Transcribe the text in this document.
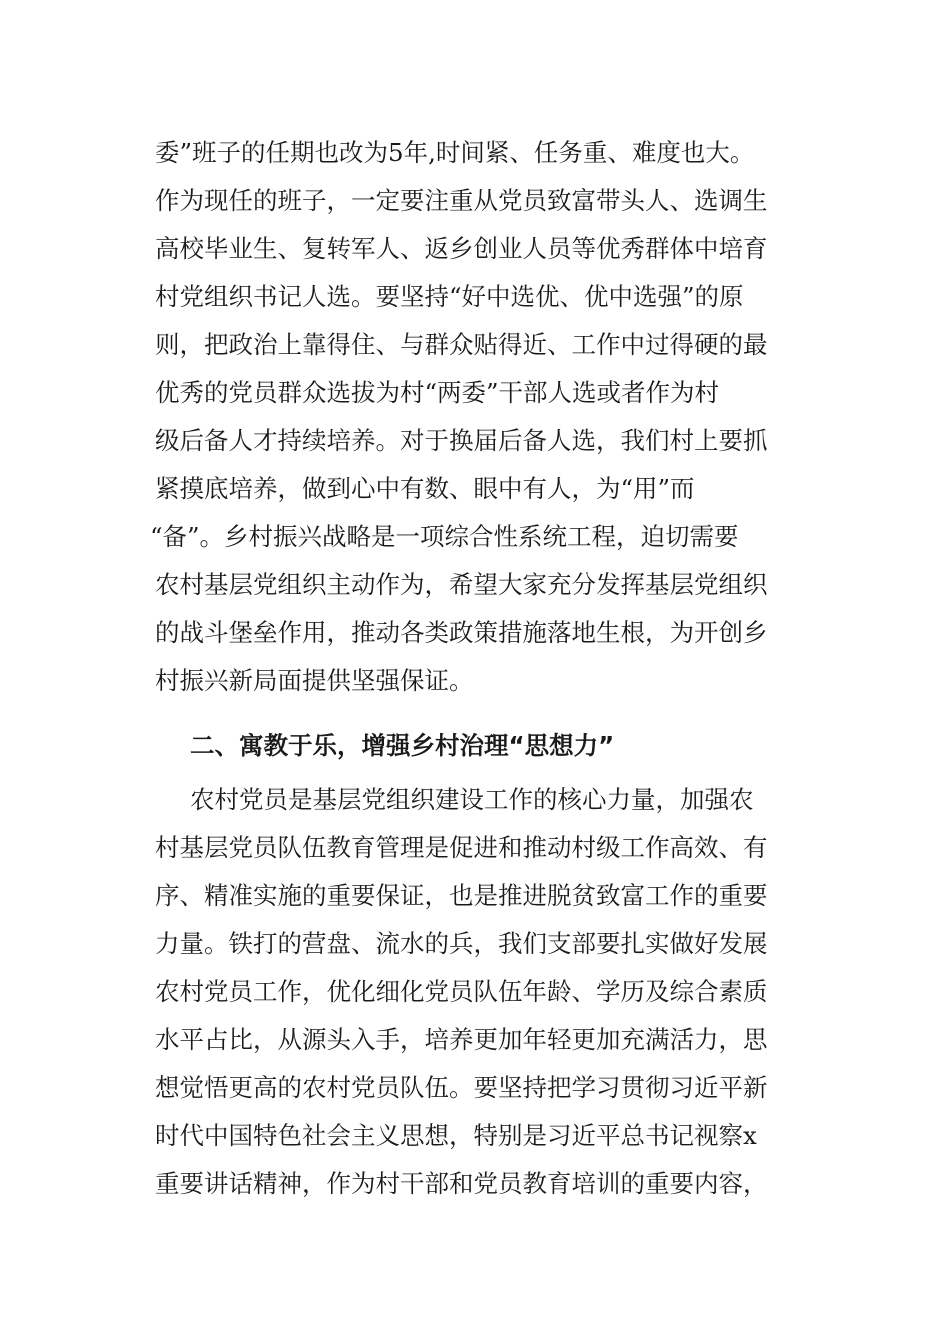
委”班子的任期也改为5年,时间紧、任务重、难度也大。
作为现任的班子，一定要注重从党员致富带头人、选调生
高校毕业生、复转军人、返乡创业人员等优秀群体中培育
村党组织书记人选。要坚持“好中选优、优中选强”的原
则，把政治上靠得住、与群众贴得近、工作中过得硬的最
优秀的党员群众选拔为村“两委”干部人选或者作为村
级后备人才持续培养。对于换届后备人选，我们村上要抓
紧摸底培养，做到心中有数、眼中有人，为“用”而
“备”。乡村振兴战略是一项综合性系统工程，迫切需要
农村基层党组织主动作为，希望大家充分发挥基层党组织
的战斗堡垒作用，推动各类政策措施落地生根，为开创乡
村振兴新局面提供坚强保证。
二、寓教于乐，增强乡村治理“思想力”
农村党员是基层党组织建设工作的核心力量，加强农
村基层党员队伍教育管理是促进和推动村级工作高效、有
序、精准实施的重要保证，也是推进脱贫致富工作的重要
力量。铁打的营盘、流水的兵，我们支部要扎实做好发展
农村党员工作，优化细化党员队伍年龄、学历及综合素质
水平占比，从源头入手，培养更加年轻更加充满活力，思
想觉悟更高的农村党员队伍。要坚持把学习贯彻习近平新
时代中国特色社会主义思想，特别是习近平总书记视察x
重要讲话精神，作为村干部和党员教育培训的重要内容，
